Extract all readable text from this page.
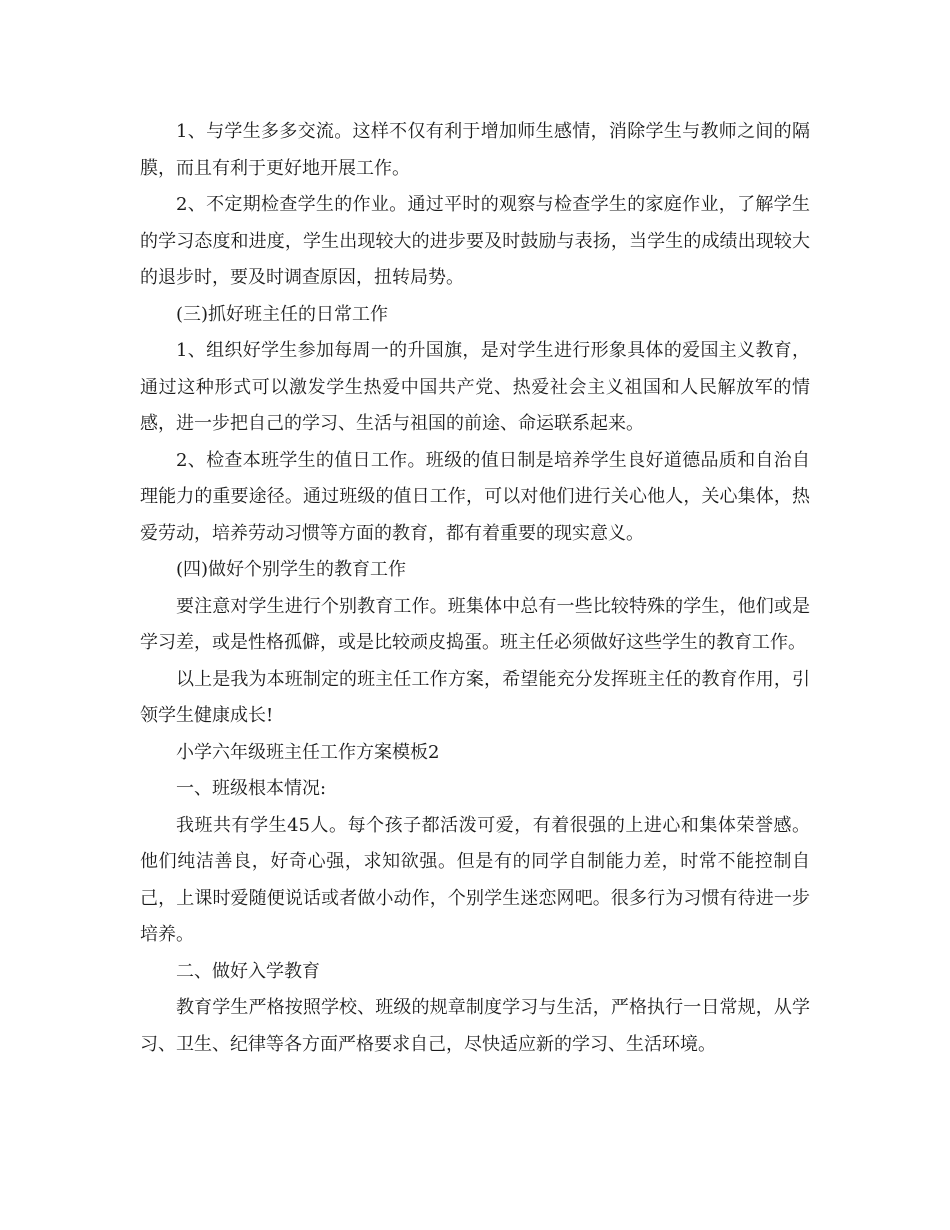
1、与学生多多交流。这样不仅有利于增加师生感情，消除学生与教师之间的隔膜，而且有利于更好地开展工作。

2、不定期检查学生的作业。通过平时的观察与检查学生的家庭作业，了解学生的学习态度和进度，学生出现较大的进步要及时鼓励与表扬，当学生的成绩出现较大的退步时，要及时调查原因，扭转局势。

(三)抓好班主任的日常工作

1、组织好学生参加每周一的升国旗，是对学生进行形象具体的爱国主义教育，通过这种形式可以激发学生热爱中国共产党、热爱社会主义祖国和人民解放军的情感，进一步把自己的学习、生活与祖国的前途、命运联系起来。

2、检查本班学生的值日工作。班级的值日制是培养学生良好道德品质和自治自理能力的重要途径。通过班级的值日工作，可以对他们进行关心他人，关心集体，热爱劳动，培养劳动习惯等方面的教育，都有着重要的现实意义。

(四)做好个别学生的教育工作

要注意对学生进行个别教育工作。班集体中总有一些比较特殊的学生，他们或是学习差，或是性格孤僻，或是比较顽皮捣蛋。班主任必须做好这些学生的教育工作。

以上是我为本班制定的班主任工作方案，希望能充分发挥班主任的教育作用，引领学生健康成长!

小学六年级班主任工作方案模板2

一、班级根本情况:

我班共有学生45人。每个孩子都活泼可爱，有着很强的上进心和集体荣誉感。他们纯洁善良，好奇心强，求知欲强。但是有的同学自制能力差，时常不能控制自己，上课时爱随便说话或者做小动作，个别学生迷恋网吧。很多行为习惯有待进一步培养。

二、做好入学教育

教育学生严格按照学校、班级的规章制度学习与生活，严格执行一日常规，从学习、卫生、纪律等各方面严格要求自己，尽快适应新的学习、生活环境。
